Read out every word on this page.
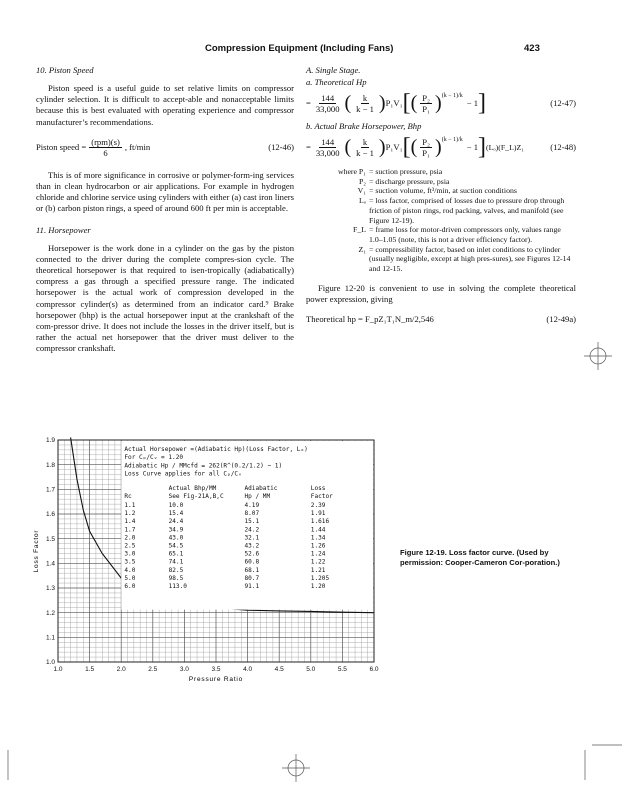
Compression Equipment (Including Fans)	423
10. Piston Speed

Piston speed is a useful guide to set relative limits on compressor cylinder selection. It is difficult to accept-able and nonacceptable limits because this is best evaluated with operating experience and compressor manufacturer’s recommendations.

Piston speed = $\frac{\text{(rpm)(s)}}{6}$ , ft/min	(12-46)

This is of more significance in corrosive or polymer-form-ing services than in clean hydrocarbon or air applications. For example in hydrogen chloride and chlorine service using cylinders with either (a) cast iron liners or (b) carbon piston rings, a speed of around 600 ft per min is acceptable.

11. Horsepower

Horsepower is the work done in a cylinder on the gas by the piston connected to the driver during the complete compres-sion cycle. The theoretical horsepower is that required to isen-tropically (adiabatically) compress a gas through a specified pressure range. The indicated horsepower is the actual work of compression developed in the compressor cylinder(s) as determined from an indicator card.⁹ Brake horsepower (bhp) is the actual horsepower input at the crankshaft of the com-pressor drive. It does not include the losses in the driver itself, but is rather the actual net horsepower that the driver must deliver to the compressor crankshaft.

A. Single Stage.
a. Theoretical Hp
= $\frac{144}{33,000}$ ( $\frac{k}{k - 1}$ ) P₁V₁ [ ( $\frac{\text{P₂}}{\text{P₁}} )^{(k - 1)/k}$
− 1 ]	(12-47)
b. Actual Brake Horsepower, Bhp
= $\frac{144}{33,000}$ ( $\frac{k}{k - 1}$ ) P₁V₁ [ ( $\frac{\text{P₂}}{\text{P₁}} )^{(k - 1)/k}$
− 1 ] (Lₒ)(F_L)Z₁	(12-48)
where P₁ = suction pressure, psia
P₂ = discharge pressure, psia
V₁ = suction volume, ft³/min, at suction conditions
Lₒ = loss factor, comprised of losses due to pressure drop through friction of piston rings, rod packing, valves, and manifold (see Figure 12-19).
F_L = frame loss for motor-driven compressors only, values range 1.0–1.05 (note, this is not a driver efficiency factor).
Z₁ = compressibility factor, based on inlet conditions to cylinder (usually negligible, except at high pres-sures), see Figures 12-14 and 12-15.

Figure 12-20 is convenient to use in solving the complete theoretical power expression, giving

Theoretical hp = F_pZ₁T₁N_m/2,546	(12-49a)
1.0	1.5	2.0	2.5	3.0	3.5	4.0	4.5	5.0	5.5	6.0
1.0
1.1
1.2
1.3
1.4
1.5
1.6
1.7
1.8
1.9
Pressure Ratio
Loss Factor
Actual Horsepower =(Adiabatic Hp)(Loss Factor, Lₒ)
For Cₚ/Cᵥ = 1.20
Adiabatic Hp / MMcfd = 262(R^(0.2/1.2) − 1)
Loss Curve applies for all Cₚ/Cᵥ
Actual Bhp/MM	Adiabatic	Loss
Rc	See Fig-21A,B,C	Hp / MM	Factor
1.1	10.0	4.19	2.39
1.2	15.4	8.07	1.91
1.4	24.4	15.1	1.616
1.7	34.9	24.2	1.44
2.0	43.0	32.1	1.34
2.5	54.5	43.2	1.26
3.0	65.1	52.6	1.24
3.5	74.1	60.8	1.22
4.0	82.5	68.1	1.21
5.0	98.5	80.7	1.205
6.0	113.0	91.1	1.20
Figure 12-19. Loss factor curve. (Used by permission: Cooper-Cameron Cor-poration.)
